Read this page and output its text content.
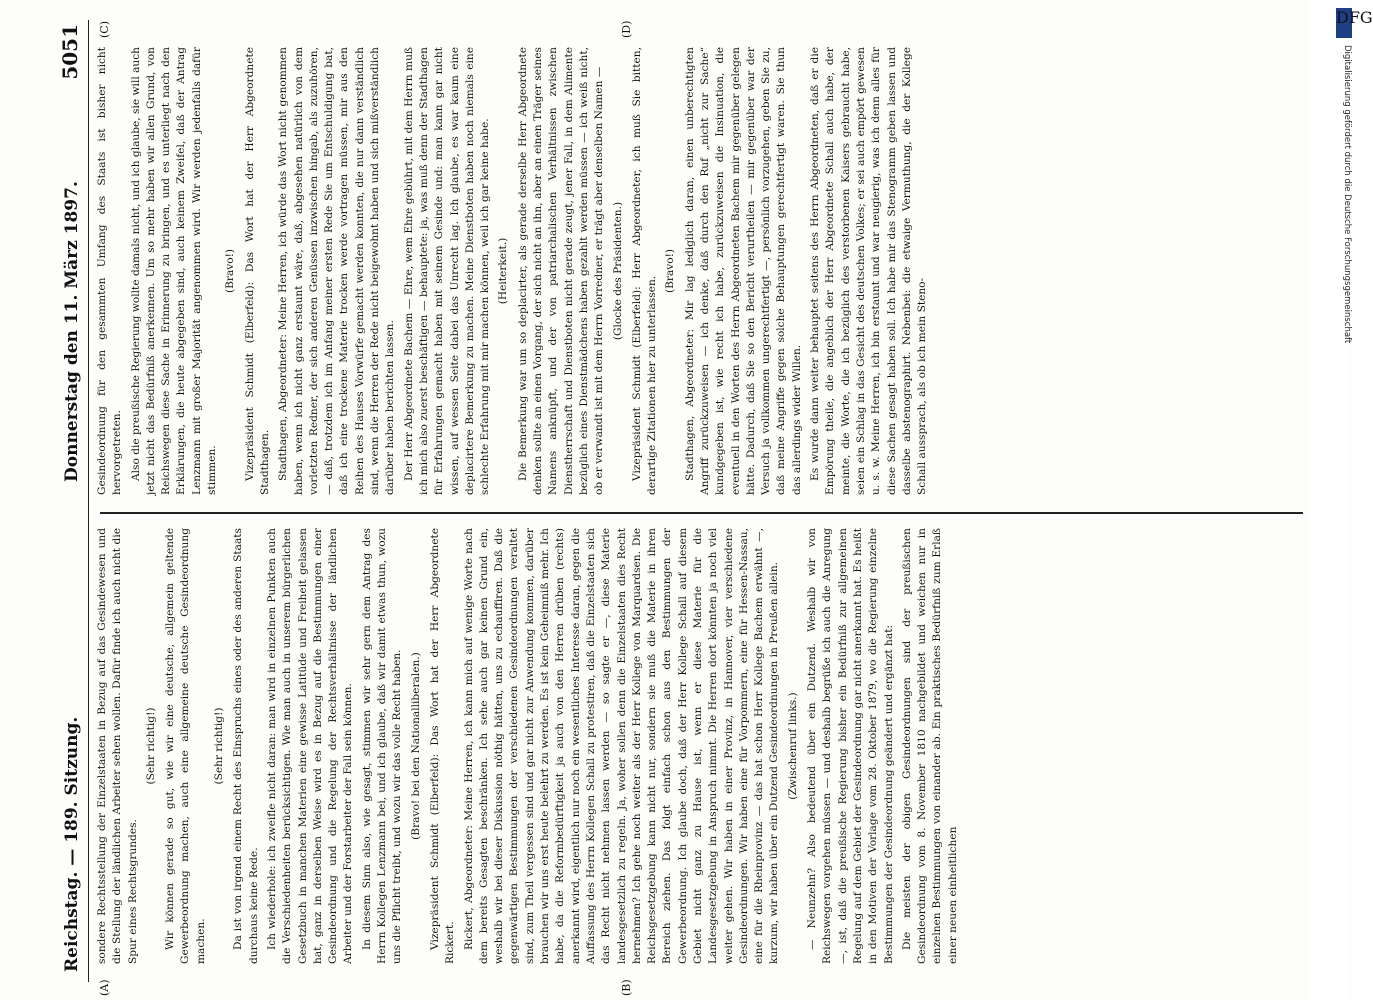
Reichstag. — 189. Sitzung.
Donnerstag den 11. März 1897.
5051
(A)	(B)
(C)	(D)

sondere Rechtsstellung der Einzelstaaten in Bezug auf das Gesindewesen und die Stellung der ländlichen Arbeiter sehen wollen. Dafür finde ich auch nicht die Spur eines Rechtsgrundes.

(Sehr richtig!) Wir können gerade so gut, wie wir eine deutsche, allgemein geltende Gewerbeordnung machen, auch eine allgemeine deutsche Gesindeordnung machen.

(Sehr richtig!) Da ist von irgend einem Recht des Einspruchs eines oder des anderen Staats durchaus keine Rede. Ich wiederhole: ich zweifle nicht daran: man wird in einzelnen Punkten auch die Verschiedenheiten berücksichtigen. Wie man auch in unserem bürgerlichen Gesetzbuch in manchen Materien eine gewisse Latitüde und Freiheit gelassen hat, ganz in derselben Weise wird es in Bezug auf die Bestimmungen einer Gesindeordnung und die Regelung der Rechtsverhältnisse der ländlichen Arbeiter und der Forstarbeiter der Fall sein können. In diesem Sinn also, wie gesagt, stimmen wir sehr gern dem Antrag des Herrn Kollegen Lenzmann bei, und ich glaube, daß wir damit etwas thun, wozu uns die Pflicht treibt, und wozu wir das volle Recht haben. (Bravo! bei den Nationalliberalen.) Vizepräsident Schmidt (Elberfeld): Das Wort hat der Herr Abgeordnete Rickert. Rickert, Abgeordneter: Meine Herren, ich kann mich auf wenige Worte nach dem bereits Gesagten beschränken. Ich sehe auch gar keinen Grund ein, weshalb wir bei dieser Diskussion nöthig hätten, uns zu echauffiren. Daß die gegenwärtigen Bestimmungen der verschiedenen Gesindeordnungen veraltet sind, zum Theil vergessen sind und gar nicht zur Anwendung kommen, darüber brauchen wir uns erst heute belehrt zu werden. Es ist kein Geheimniß mehr. Ich habe, da die Reformbedürftigkeit ja auch von den Herren drüben (rechts) anerkannt wird, eigentlich nur noch ein wesentliches Interesse daran, gegen die Auffassung des Herrn Kollegen Schall zu protestiren, daß die Einzelstaaten sich das Recht nicht nehmen lassen werden — so sagte er —, diese Materie landesgesetzlich zu regeln. Ja, woher sollen denn die Einzelstaaten dies Recht hernehmen? Ich gehe noch weiter als der Herr Kollege von Marquardsen. Die Reichsgesetzgebung kann nicht nur, sondern sie muß die Materie in ihren Bereich ziehen. Das folgt einfach schon aus den Bestimmungen der Gewerbeordnung. Ich glaube doch, daß der Herr Kollege Schall auf diesem Gebiet nicht ganz zu Hause ist, wenn er diese Materie für die Landesgesetzgebung in Anspruch nimmt. Die Herren dort könnten ja noch viel weiter gehen. Wir haben in einer Provinz, in Hannover, vier verschiedene Gesindeordnungen. Wir haben eine für Vorpommern, eine für Hessen-Nassau, eine für die Rheinprovinz — das hat schon Herr Kollege Bachem erwähnt —, kurzum, wir haben über ein Dutzend Gesindeordnungen in Preußen allein. (Zwischenruf links.) — Neunzehn? Also bedeutend über ein Dutzend. Weshalb wir von Reichswegen vorgehen müssen — und deshalb begrüße ich auch die Anregung —, ist, daß die preußische Regierung bisher ein Bedürfniß zur allgemeinen Regelung auf dem Gebiet der Gesindeordnung gar nicht anerkannt hat. Es heißt in den Motiven der Vorlage vom 28. Oktober 1879, wo die Regierung einzelne Bestimmungen der Gesindeordnung geändert und ergänzt hat: Die meisten der obigen Gesindeordnungen sind der preußischen Gesindeordnung vom 8. November 1810 nachgebildet und weichen nur in einzelnen Bestimmungen von einander ab. Ein praktisches Bedürfniß zum Erlaß einer neuen einheitlichen

Gesindeordnung für den gesammten Umfang des Staats ist bisher nicht hervorgetreten. Also die preußische Regierung wollte damals nicht, und ich glaube, sie will auch jetzt nicht das Bedürfniß anerkennen. Um so mehr haben wir allen Grund, von Reichswegen diese Sache in Erinnerung zu bringen, und es unterliegt nach den Erklärungen, die heute abgegeben sind, auch keinem Zweifel, daß der Antrag Lenzmann mit großer Majorität angenommen wird. Wir werden jedenfalls dafür stimmen.

(Bravo!) Vizepräsident Schmidt (Elberfeld): Das Wort hat der Herr Abgeordnete Stadthagen. Stadthagen, Abgeordneter: Meine Herren, ich würde das Wort nicht genommen haben, wenn ich nicht ganz erstaunt wäre, daß, abgesehen natürlich von dem vorletzten Redner, der sich anderen Genüssen inzwischen hingab, als zuzuhören, — daß, trotzdem ich im Anfang meiner ersten Rede Sie um Entschuldigung bat, daß ich eine trockene Materie trocken werde vortragen müssen, mir aus den Reihen des Hauses Vorwürfe gemacht werden konnten, die nur dann verständlich sind, wenn die Herren der Rede nicht beigewohnt haben und sich mißverständlich darüber haben berichten lassen. Der Herr Abgeordnete Bachem — Ehre, wem Ehre gebührt, mit dem Herrn muß ich mich also zuerst beschäftigen — behauptete: ja, was muß denn der Stadthagen für Erfahrungen gemacht haben mit seinem Gesinde und: man kann gar nicht wissen, auf wessen Seite dabei das Unrecht lag. Ich glaube, es war kaum eine deplacirtere Bemerkung zu machen. Meine Dienstboten haben noch niemals eine schlechte Erfahrung mit mir machen können, weil ich gar keine habe. (Heiterkeit.) Die Bemerkung war um so deplacirter, als gerade derselbe Herr Abgeordnete denken sollte an einen Vorgang, der sich nicht an ihn, aber an einen Träger seines Namens anknüpft, und der von patriarchalischen Verhältnissen zwischen Dienstherrschaft und Dienstboten nicht gerade zeugt, jener Fall, in dem Alimente bezüglich eines Dienstmädchens haben gezahlt werden müssen — ich weiß nicht, ob er verwandt ist mit dem Herrn Vorredner, er trägt aber denselben Namen — (Glocke des Präsidenten.) Vizepräsident Schmidt (Elberfeld): Herr Abgeordneter, ich muß Sie bitten, derartige Zitationen hier zu unterlassen.

(Bravo!) Stadthagen, Abgeordneter: Mir lag lediglich daran, einen unberechtigten Angriff zurückzuweisen — ich denke, daß durch den Ruf „nicht zur Sache“ kundgegeben ist, wie recht ich habe, zurückzuweisen die Insinuation, die eventuell in den Worten des Herrn Abgeordneten Bachem mir gegenüber gelegen hätte. Dadurch, daß Sie so den Bericht verurtheilen — mir gegenüber war der Versuch ja vollkommen ungerechtfertigt —, persönlich vorzugehen, geben Sie zu, daß meine Angriffe gegen solche Behauptungen gerechtfertigt waren. Sie thun das allerdings wider Willen. Es wurde dann weiter behauptet seitens des Herrn Abgeordneten, daß er die Empörung theile, die angeblich der Herr Abgeordnete Schall auch habe, der meinte, die Worte, die ich bezüglich des verstorbenen Kaisers gebraucht habe, seien ein Schlag in das Gesicht des deutschen Volkes; er sei auch empört gewesen u. s. w. Meine Herren, ich bin erstaunt und war neugierig, was ich denn alles für diese Sachen gesagt haben soll. Ich habe mir das Stenogramm geben lassen und dasselbe abstenographirt. Nebenbei: die etwaige Vermuthung, die der Kollege Schall aussprach, als ob ich mein Steno-

DFG
Digitalisierung gefördert durch die Deutsche Forschungsgemeinschaft
